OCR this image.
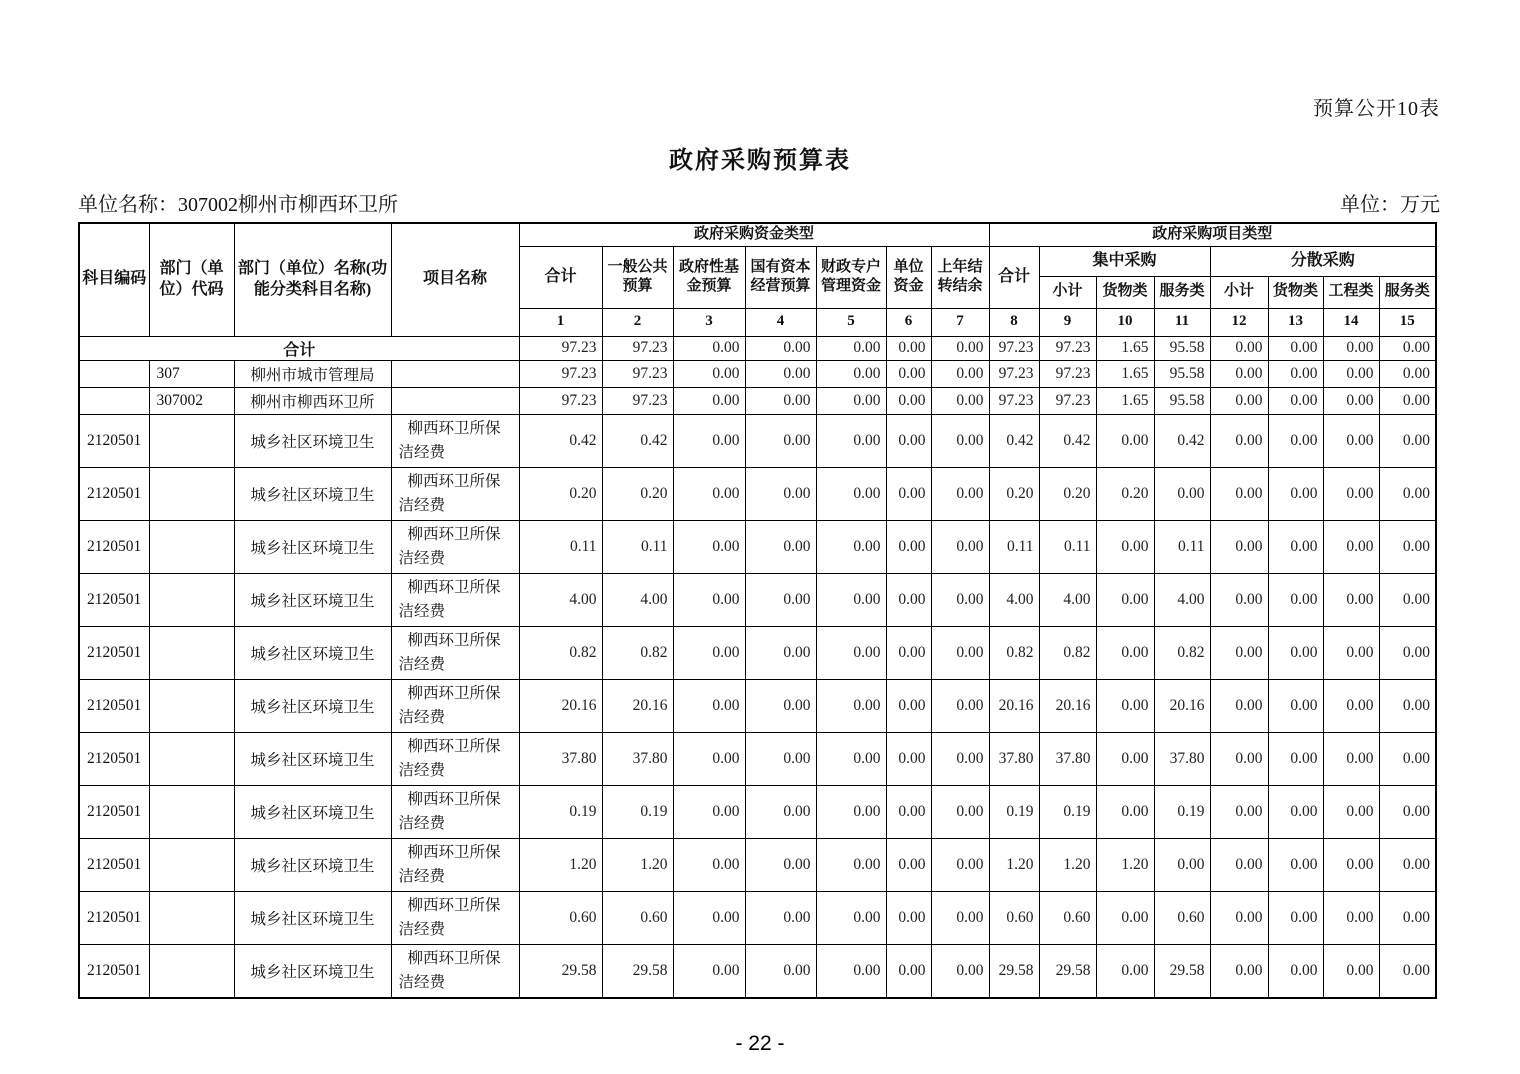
预算公开10表
政府采购预算表
单位名称：307002柳州市柳西环卫所	单位：万元
科目编码	部门（单位）代码	部门（单位）名称(功能分类科目名称)	项目名称	政府采购资金类型							政府采购项目类型							
				合计	一般公共预算	政府性基金预算	国有资本经营预算	财政专户管理资金	单位资金	上年结转结余	合计	集中采购			分散采购			
												小计	货物类	服务类	小计	货物类	工程类	服务类
				1	2	3	4	5	6	7	8	9	10	11	12	13	14	15
合计				97.23	97.23	0.00	0.00	0.00	0.00	0.00	97.23	97.23	1.65	95.58	0.00	0.00	0.00	0.00
	307	柳州市城市管理局		97.23	97.23	0.00	0.00	0.00	0.00	0.00	97.23	97.23	1.65	95.58	0.00	0.00	0.00	0.00
	307002	柳州市柳西环卫所		97.23	97.23	0.00	0.00	0.00	0.00	0.00	97.23	97.23	1.65	95.58	0.00	0.00	0.00	0.00
2120501		城乡社区环境卫生	柳西环卫所保洁经费	0.42	0.42	0.00	0.00	0.00	0.00	0.00	0.42	0.42	0.00	0.42	0.00	0.00	0.00	0.00
2120501		城乡社区环境卫生	柳西环卫所保洁经费	0.20	0.20	0.00	0.00	0.00	0.00	0.00	0.20	0.20	0.20	0.00	0.00	0.00	0.00	0.00
2120501		城乡社区环境卫生	柳西环卫所保洁经费	0.11	0.11	0.00	0.00	0.00	0.00	0.00	0.11	0.11	0.00	0.11	0.00	0.00	0.00	0.00
2120501		城乡社区环境卫生	柳西环卫所保洁经费	4.00	4.00	0.00	0.00	0.00	0.00	0.00	4.00	4.00	0.00	4.00	0.00	0.00	0.00	0.00
2120501		城乡社区环境卫生	柳西环卫所保洁经费	0.82	0.82	0.00	0.00	0.00	0.00	0.00	0.82	0.82	0.00	0.82	0.00	0.00	0.00	0.00
2120501		城乡社区环境卫生	柳西环卫所保洁经费	20.16	20.16	0.00	0.00	0.00	0.00	0.00	20.16	20.16	0.00	20.16	0.00	0.00	0.00	0.00
2120501		城乡社区环境卫生	柳西环卫所保洁经费	37.80	37.80	0.00	0.00	0.00	0.00	0.00	37.80	37.80	0.00	37.80	0.00	0.00	0.00	0.00
2120501		城乡社区环境卫生	柳西环卫所保洁经费	0.19	0.19	0.00	0.00	0.00	0.00	0.00	0.19	0.19	0.00	0.19	0.00	0.00	0.00	0.00
2120501		城乡社区环境卫生	柳西环卫所保洁经费	1.20	1.20	0.00	0.00	0.00	0.00	0.00	1.20	1.20	1.20	0.00	0.00	0.00	0.00	0.00
2120501		城乡社区环境卫生	柳西环卫所保洁经费	0.60	0.60	0.00	0.00	0.00	0.00	0.00	0.60	0.60	0.00	0.60	0.00	0.00	0.00	0.00
2120501		城乡社区环境卫生	柳西环卫所保洁经费	29.58	29.58	0.00	0.00	0.00	0.00	0.00	29.58	29.58	0.00	29.58	0.00	0.00	0.00	0.00
- 22 -
